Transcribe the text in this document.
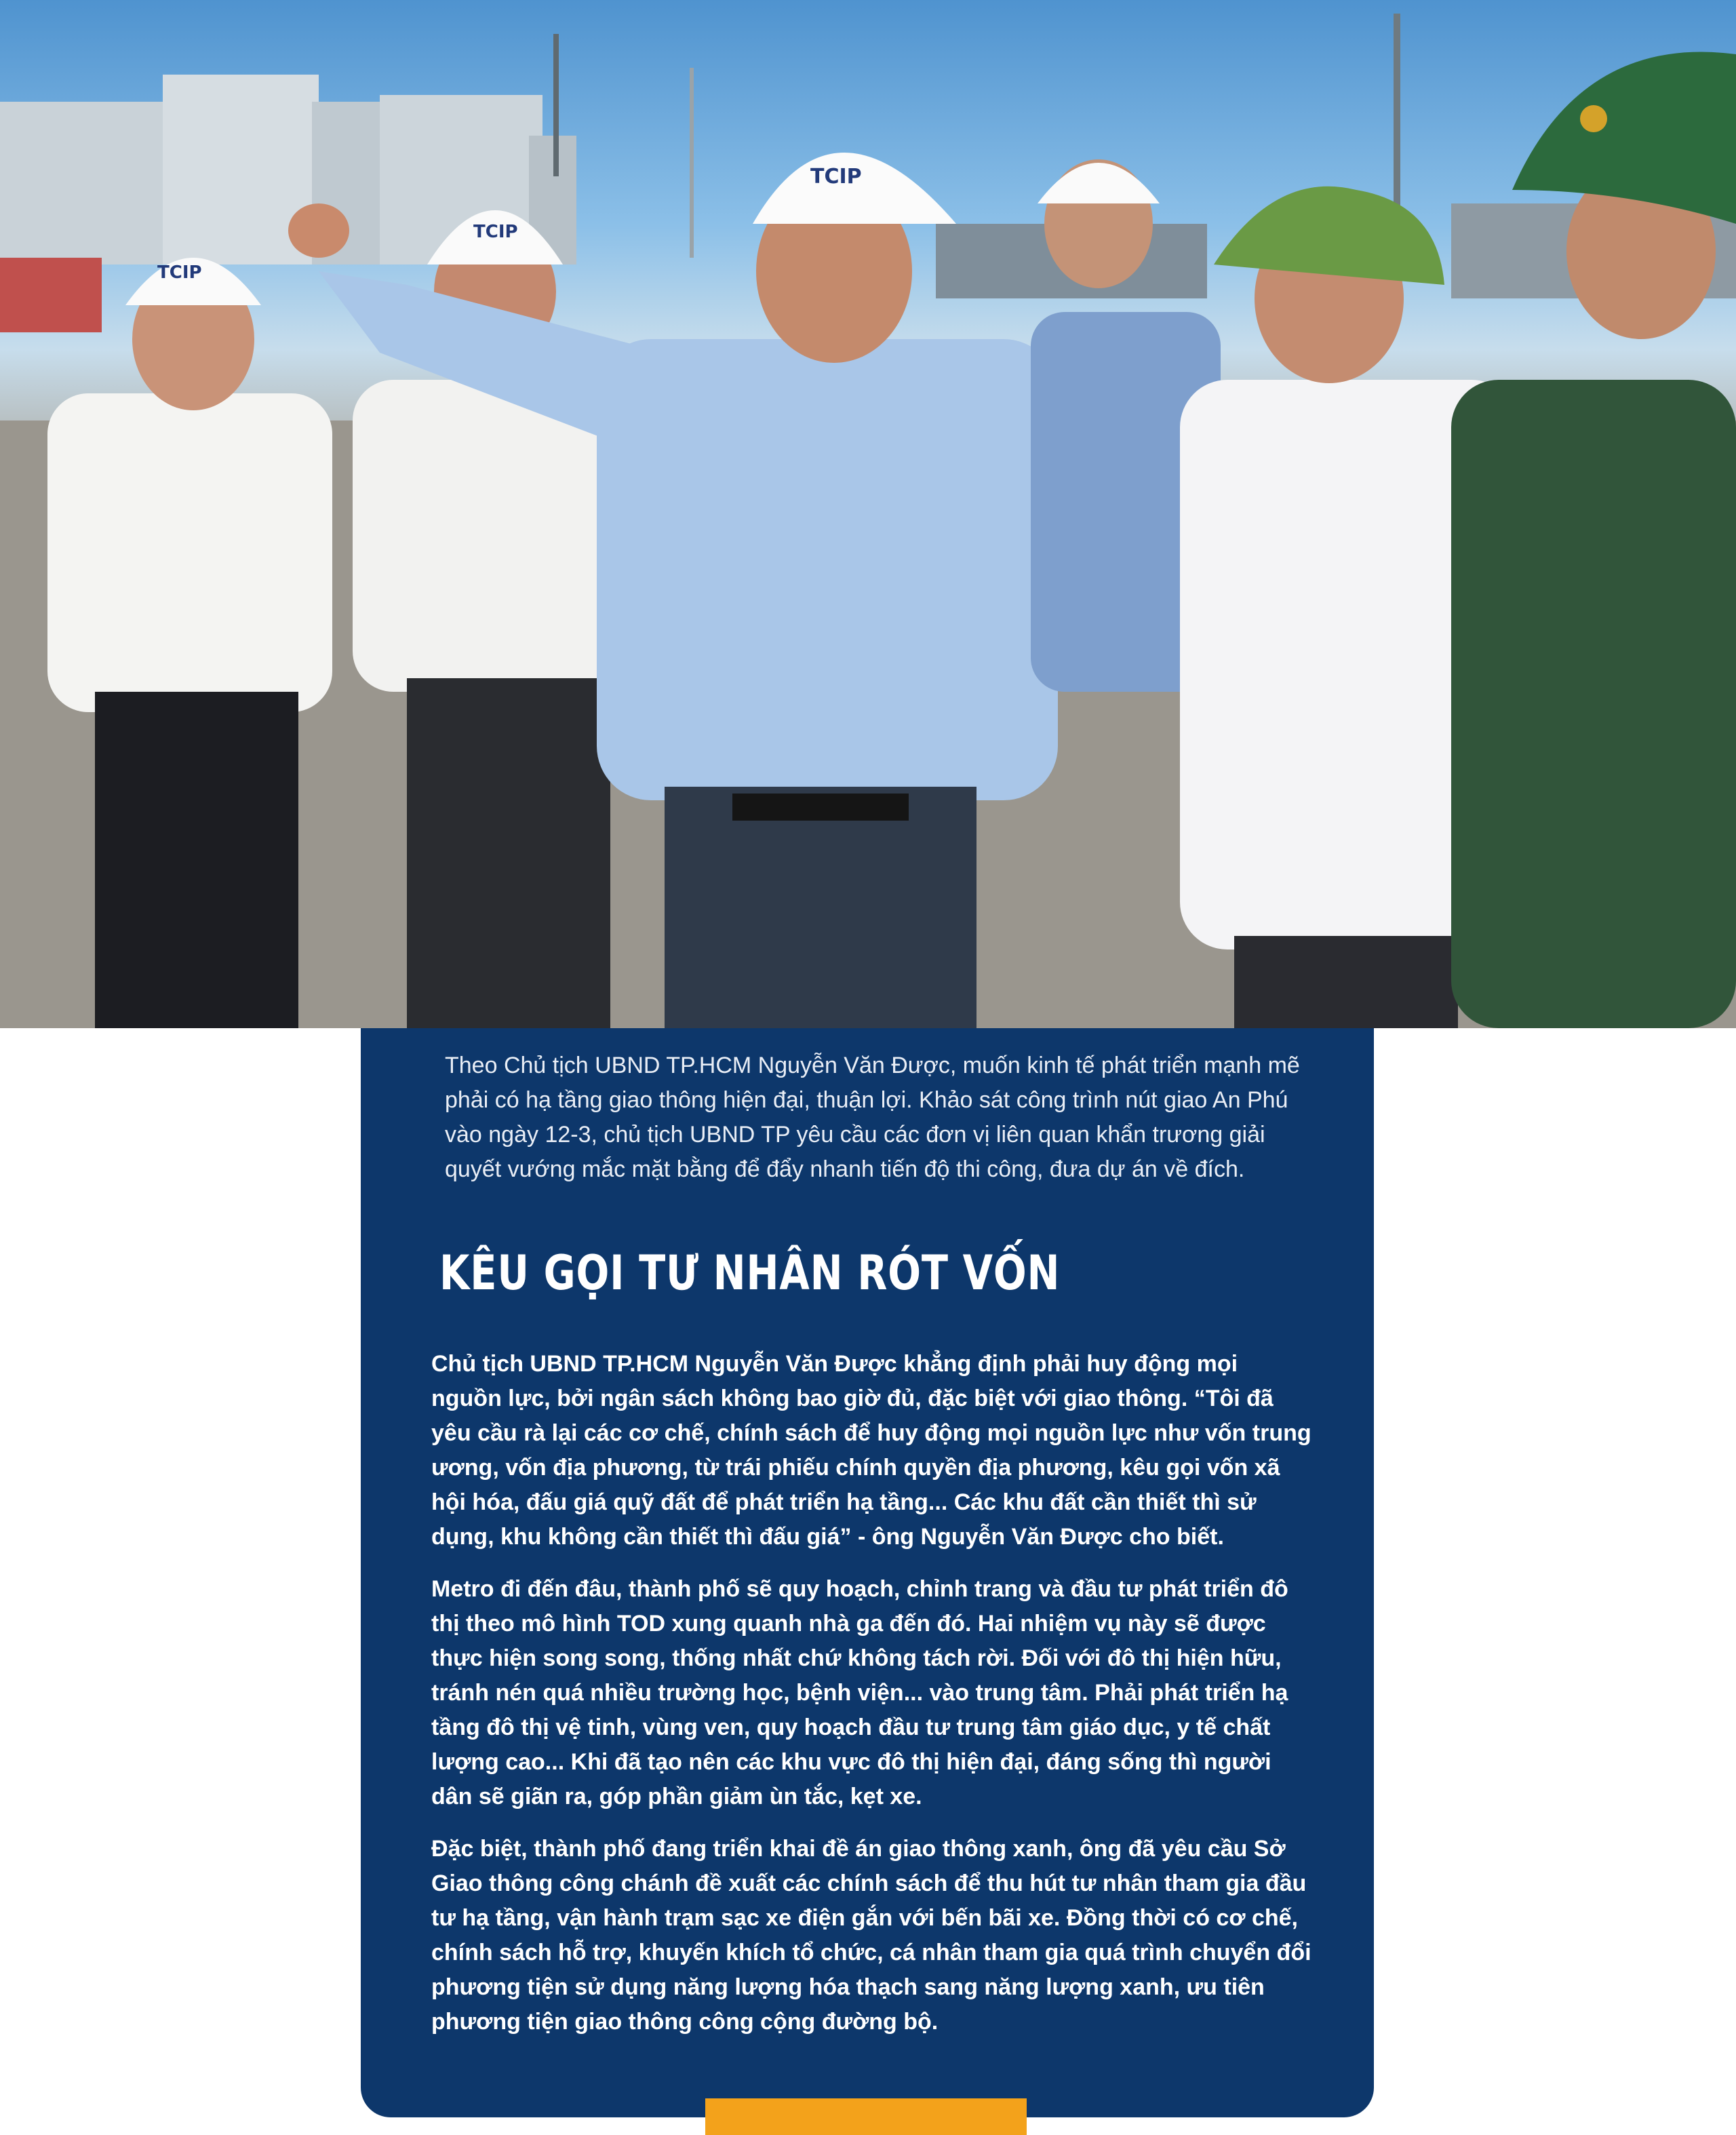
TCIP
TCIP
TCIP

Theo Chủ tịch UBND TP.HCM Nguyễn Văn Được, muốn kinh tế phát triển mạnh mẽ phải có hạ tầng giao thông hiện đại, thuận lợi. Khảo sát công trình nút giao An Phú vào ngày 12-3, chủ tịch UBND TP yêu cầu các đơn vị liên quan khẩn trương giải quyết vướng mắc mặt bằng để đẩy nhanh tiến độ thi công, đưa dự án về đích.

KÊU GỌI TƯ NHÂN RÓT VỐN

Chủ tịch UBND TP.HCM Nguyễn Văn Được khẳng định phải huy động mọi nguồn lực, bởi ngân sách không bao giờ đủ, đặc biệt với giao thông. “Tôi đã yêu cầu rà lại các cơ chế, chính sách để huy động mọi nguồn lực như vốn trung ương, vốn địa phương, từ trái phiếu chính quyền địa phương, kêu gọi vốn xã hội hóa, đấu giá quỹ đất để phát triển hạ tầng... Các khu đất cần thiết thì sử dụng, khu không cần thiết thì đấu giá” - ông Nguyễn Văn Được cho biết.

Metro đi đến đâu, thành phố sẽ quy hoạch, chỉnh trang và đầu tư phát triển đô thị theo mô hình TOD xung quanh nhà ga đến đó. Hai nhiệm vụ này sẽ được thực hiện song song, thống nhất chứ không tách rời. Đối với đô thị hiện hữu, tránh nén quá nhiều trường học, bệnh viện... vào trung tâm. Phải phát triển hạ tầng đô thị vệ tinh, vùng ven, quy hoạch đầu tư trung tâm giáo dục, y tế chất lượng cao... Khi đã tạo nên các khu vực đô thị hiện đại, đáng sống thì người dân sẽ giãn ra, góp phần giảm ùn tắc, kẹt xe.

Đặc biệt, thành phố đang triển khai đề án giao thông xanh, ông đã yêu cầu Sở Giao thông công chánh đề xuất các chính sách để thu hút tư nhân tham gia đầu tư hạ tầng, vận hành trạm sạc xe điện gắn với bến bãi xe. Đồng thời có cơ chế, chính sách hỗ trợ, khuyến khích tổ chức, cá nhân tham gia quá trình chuyển đổi phương tiện sử dụng năng lượng hóa thạch sang năng lượng xanh, ưu tiên phương tiện giao thông công cộng đường bộ.
